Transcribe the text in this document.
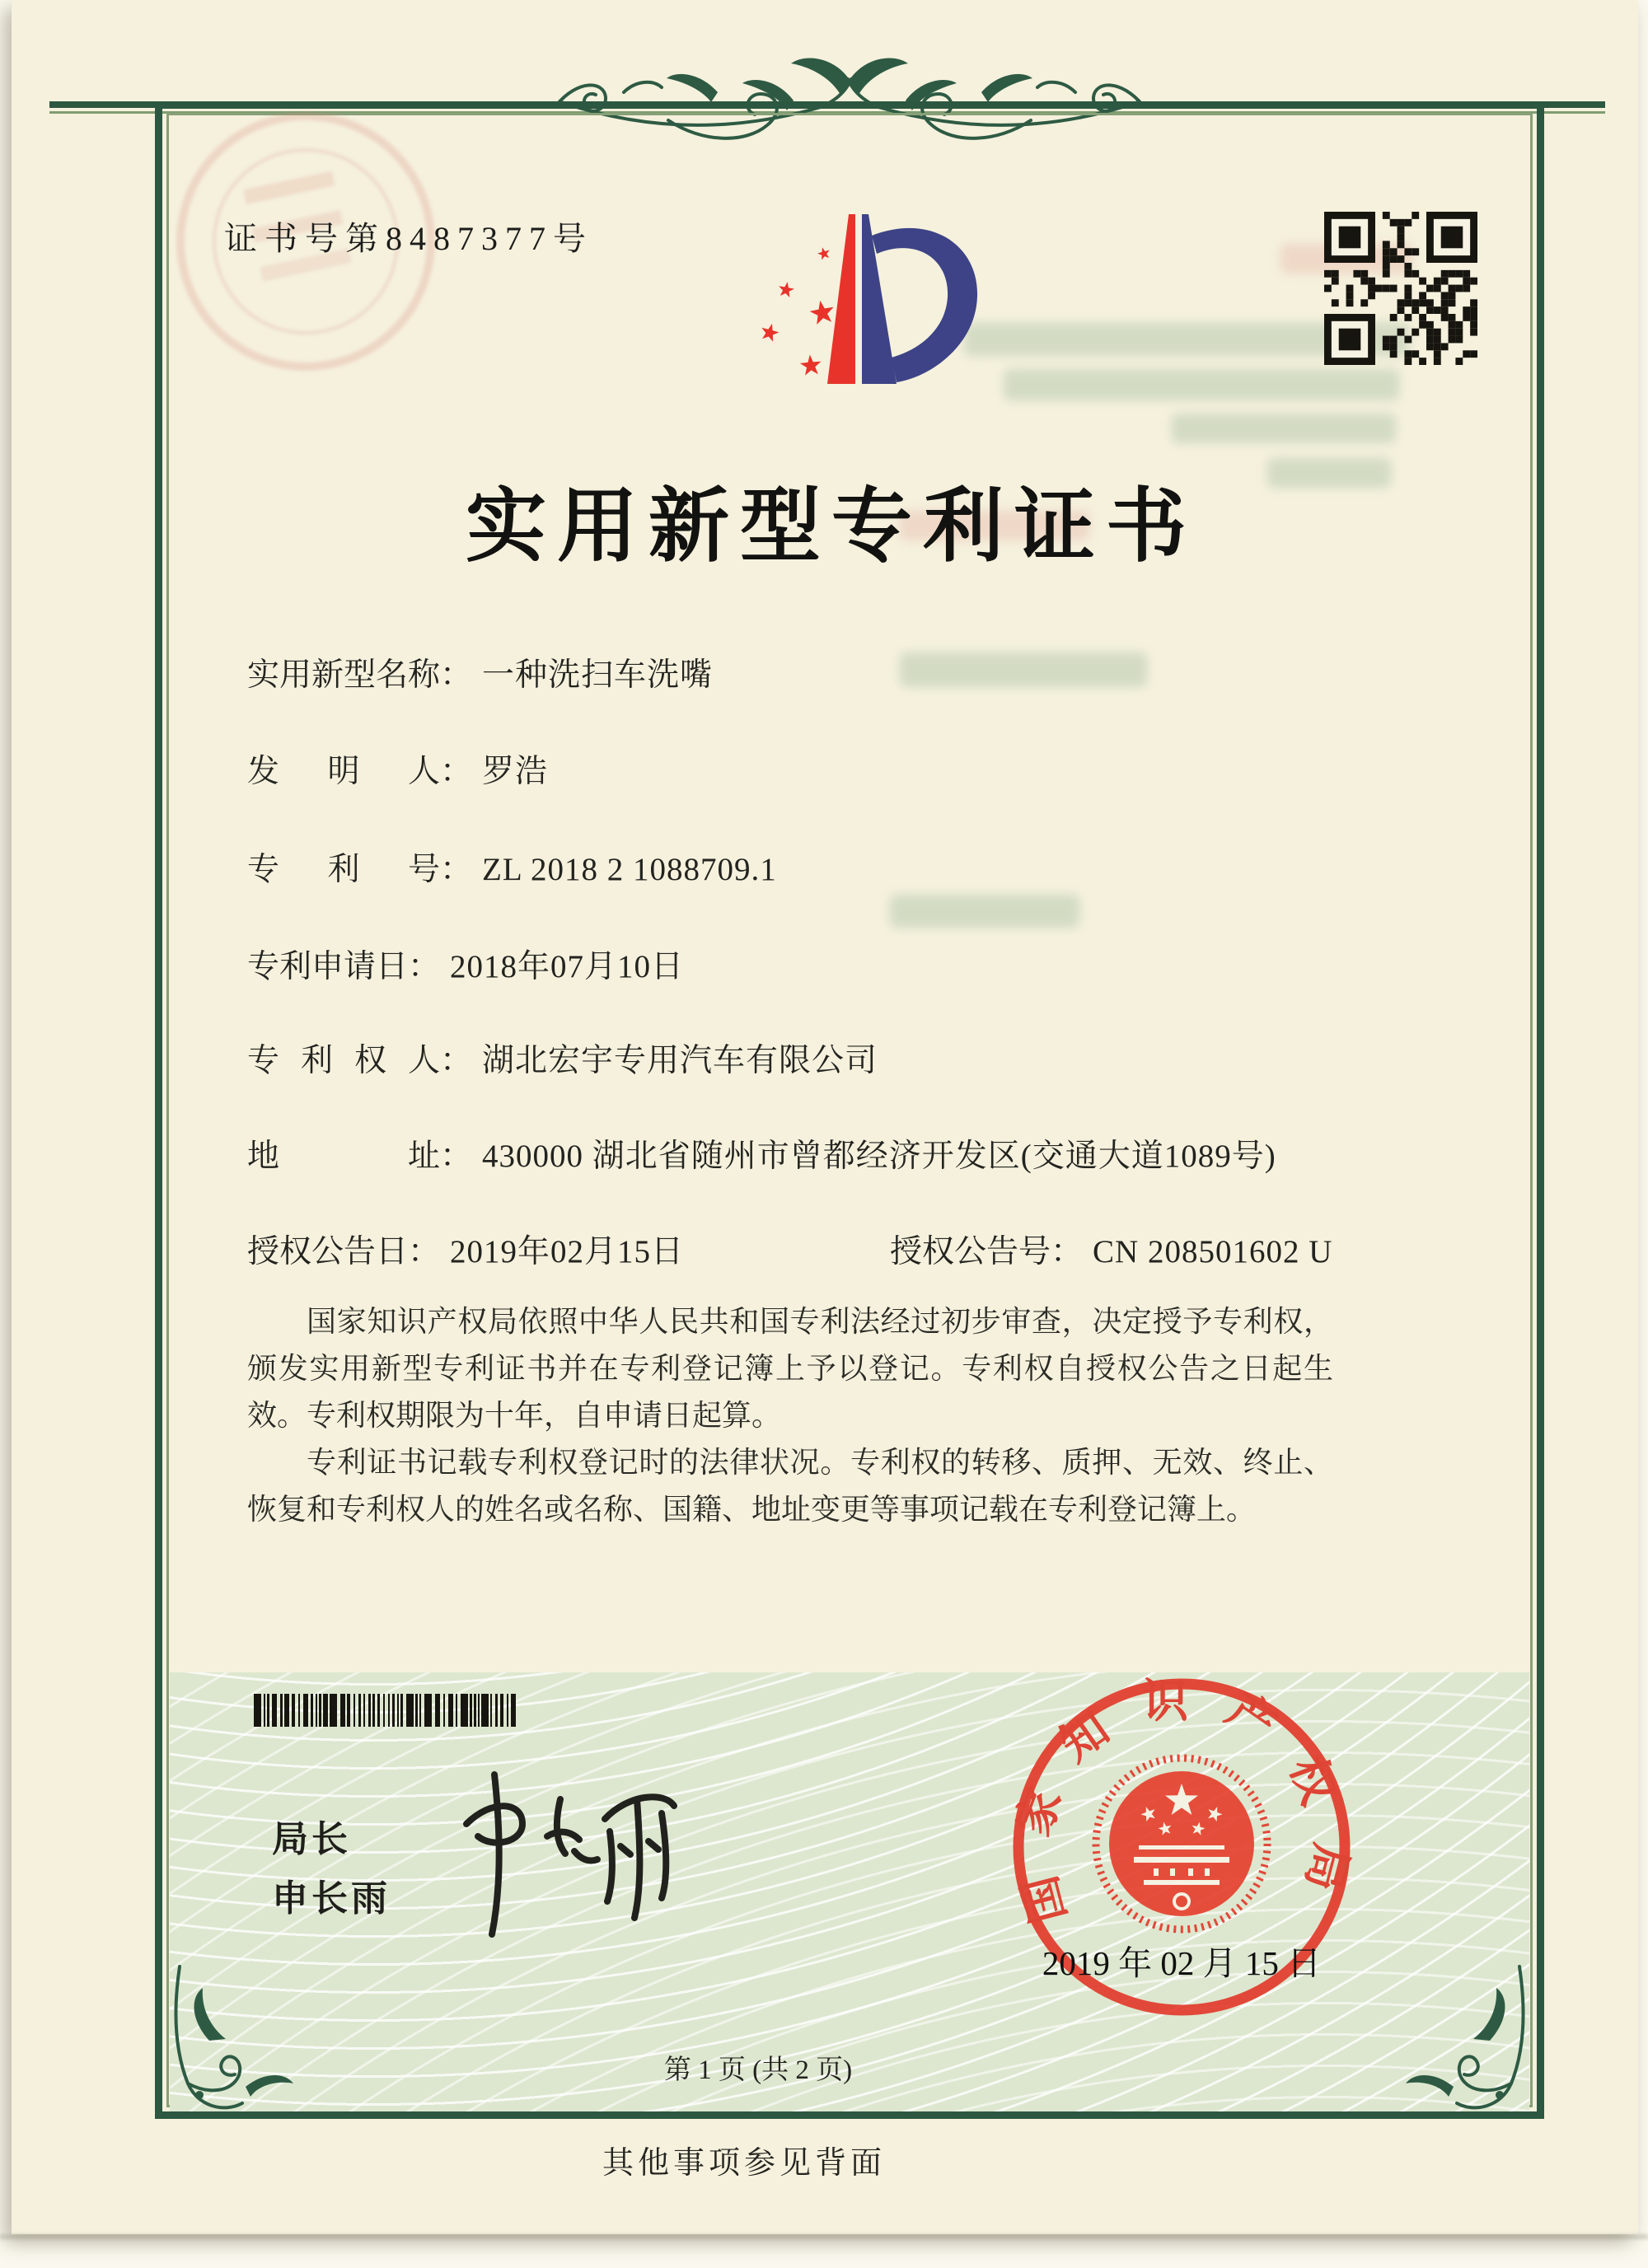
证书号第8487377号
实用新型专利证书
实用新型名称： 一种洗扫车洗嘴
发明人： 罗浩
专利号： ZL 2018 2 1088709.1
专利申请日： 2018年07月10日
专利权人： 湖北宏宇专用汽车有限公司
地址： 430000 湖北省随州市曾都经济开发区(交通大道1089号)
授权公告日： 2019年02月15日	授权公告号： CN 208501602 U

国家知识产权局依照中华人民共和国专利法经过初步审查，决定授予专利权，颁发实用新型专利证书并在专利登记簿上予以登记。专利权自授权公告之日起生效。专利权期限为十年，自申请日起算。

专利证书记载专利权登记时的法律状况。专利权的转移、质押、无效、终止、恢复和专利权人的姓名或名称、国籍、地址变更等事项记载在专利登记簿上。

局长
申长雨	国家知识产权局
2019 年 02 月 15 日
第 1 页 (共 2 页)
其他事项参见背面
